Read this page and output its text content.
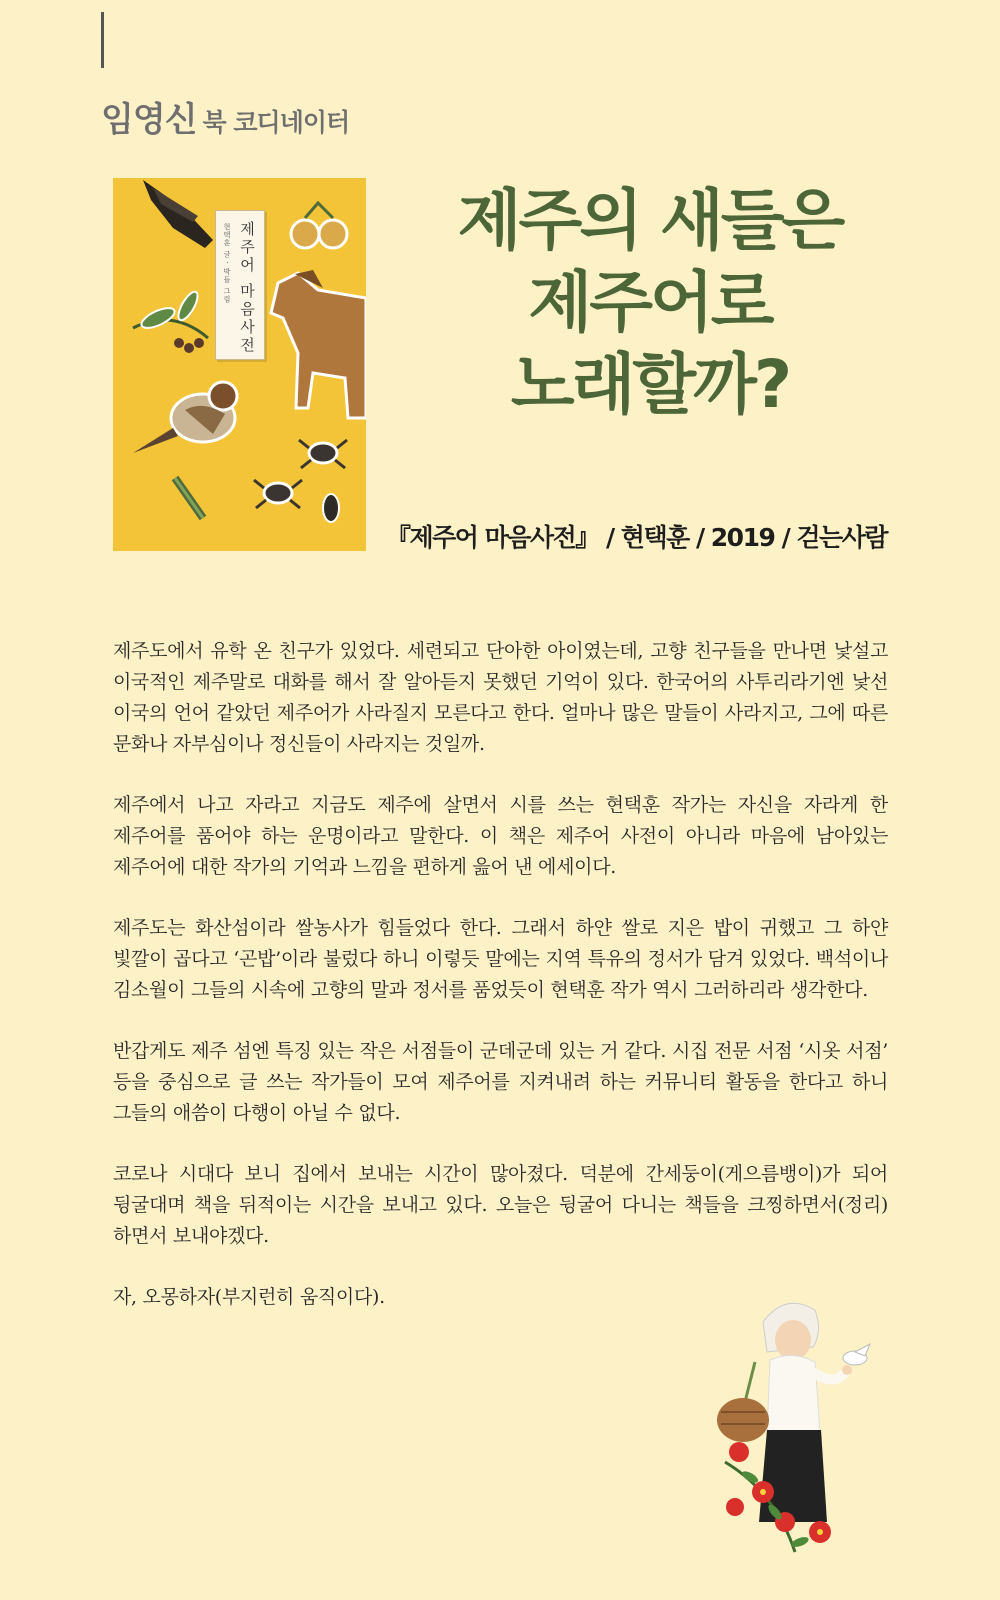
임영신 북 코디네이터
제주어 마음사전
현택훈 글 · 박들 그림
제주의 새들은
제주어로
노래할까?
『제주어 마음사전』 / 현택훈 / 2019 / 걷는사람

제주도에서 유학 온 친구가 있었다. 세련되고 단아한 아이였는데, 고향 친구들을 만나면 낯설고 이국적인 제주말로 대화를 해서 잘 알아듣지 못했던 기억이 있다. 한국어의 사투리라기엔 낯선 이국의 언어 같았던 제주어가 사라질지 모른다고 한다. 얼마나 많은 말들이 사라지고, 그에 따른 문화나 자부심이나 정신들이 사라지는 것일까.

제주에서 나고 자라고 지금도 제주에 살면서 시를 쓰는 현택훈 작가는 자신을 자라게 한 제주어를 품어야 하는 운명이라고 말한다. 이 책은 제주어 사전이 아니라 마음에 남아있는 제주어에 대한 작가의 기억과 느낌을 편하게 읊어 낸 에세이다.

제주도는 화산섬이라 쌀농사가 힘들었다 한다. 그래서 하얀 쌀로 지은 밥이 귀했고 그 하얀 빛깔이 곱다고 ‘곤밥’이라 불렀다 하니 이렇듯 말에는 지역 특유의 정서가 담겨 있었다. 백석이나 김소월이 그들의 시속에 고향의 말과 정서를 품었듯이 현택훈 작가 역시 그러하리라 생각한다.

반갑게도 제주 섬엔 특징 있는 작은 서점들이 군데군데 있는 거 같다. 시집 전문 서점 ‘시옷 서점’ 등을 중심으로 글 쓰는 작가들이 모여 제주어를 지켜내려 하는 커뮤니티 활동을 한다고 하니 그들의 애씀이 다행이 아닐 수 없다.

코로나 시대다 보니 집에서 보내는 시간이 많아졌다. 덕분에 간세둥이(게으름뱅이)가 되어 뒹굴대며 책을 뒤적이는 시간을 보내고 있다. 오늘은 뒹굴어 다니는 책들을 크찡하면서(정리)하면서 보내야겠다.

자, 오몽하자(부지런히 움직이다).
